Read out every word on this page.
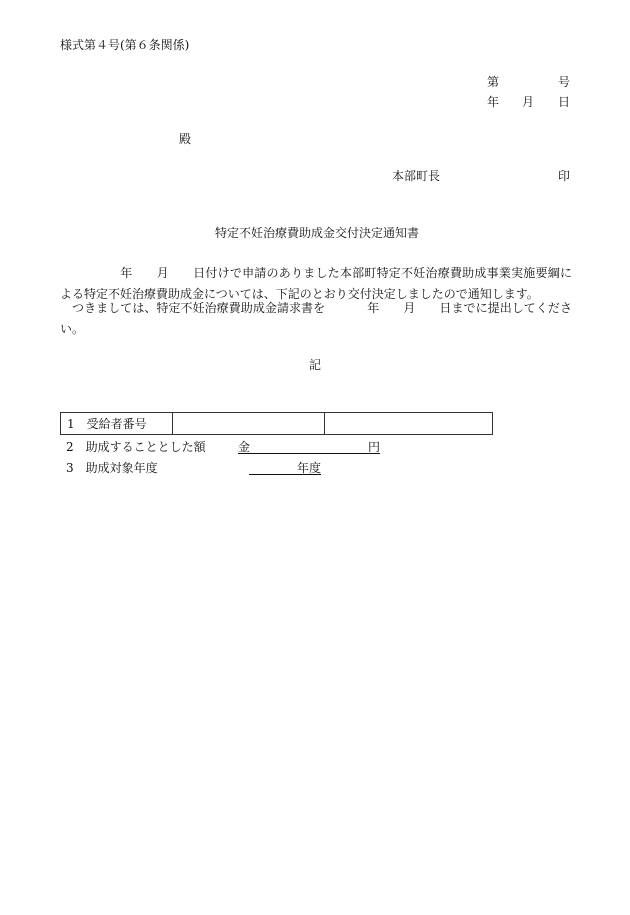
様式第４号(第６条関係)
第	号
年 月 日
殿
本部町長	印
特定不妊治療費助成金交付決定通知書
年 月 日付けで申請のありました本部町特定不妊治療費助成事業実施要綱による特定不妊治療費助成金については、下記のとおり交付決定しましたので通知します。
つきましては、特定不妊治療費助成金請求書を	年 月 日までに提出してください。
記
1　受給者番号		
2　助成することとした額	金	円
3　助成対象年度	年度
